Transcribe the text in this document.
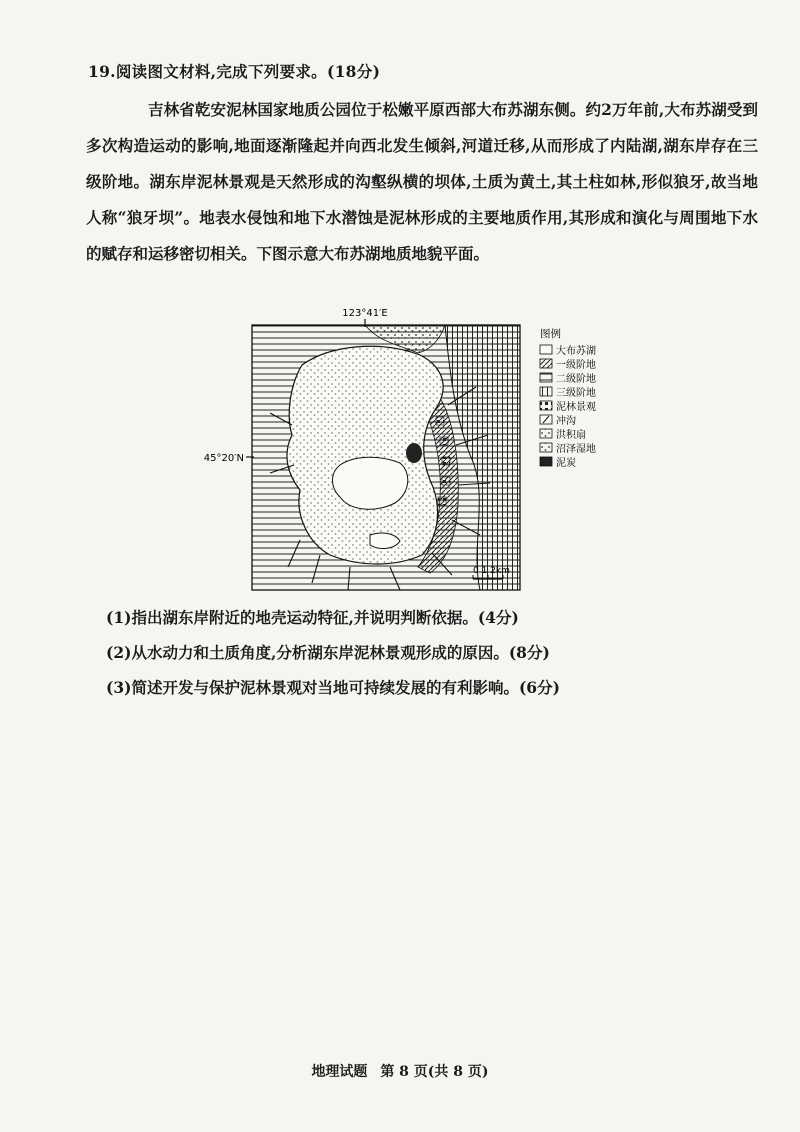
19.阅读图文材料,完成下列要求。(18分)
吉林省乾安泥林国家地质公园位于松嫩平原西部大布苏湖东侧。约2万年前,大布苏湖受到多次构造运动的影响,地面逐渐隆起并向西北发生倾斜,河道迁移,从而形成了内陆湖,湖东岸存在三级阶地。湖东岸泥林景观是天然形成的沟壑纵横的坝体,土质为黄土,其土柱如林,形似狼牙,故当地人称“狼牙坝”。地表水侵蚀和地下水潜蚀是泥林形成的主要地质作用,其形成和演化与周围地下水的赋存和运移密切相关。下图示意大布苏湖地质地貌平面。
123°41′E
45°20′N
0 1 2km
图例
大布苏湖
一级阶地
二级阶地
三级阶地
泥林景观
冲沟
洪积扇
沼泽湿地
泥炭
(1)指出湖东岸附近的地壳运动特征,并说明判断依据。(4分)
(2)从水动力和土质角度,分析湖东岸泥林景观形成的原因。(8分)
(3)简述开发与保护泥林景观对当地可持续发展的有利影响。(6分)
地理试题 第 8 页(共 8 页)
